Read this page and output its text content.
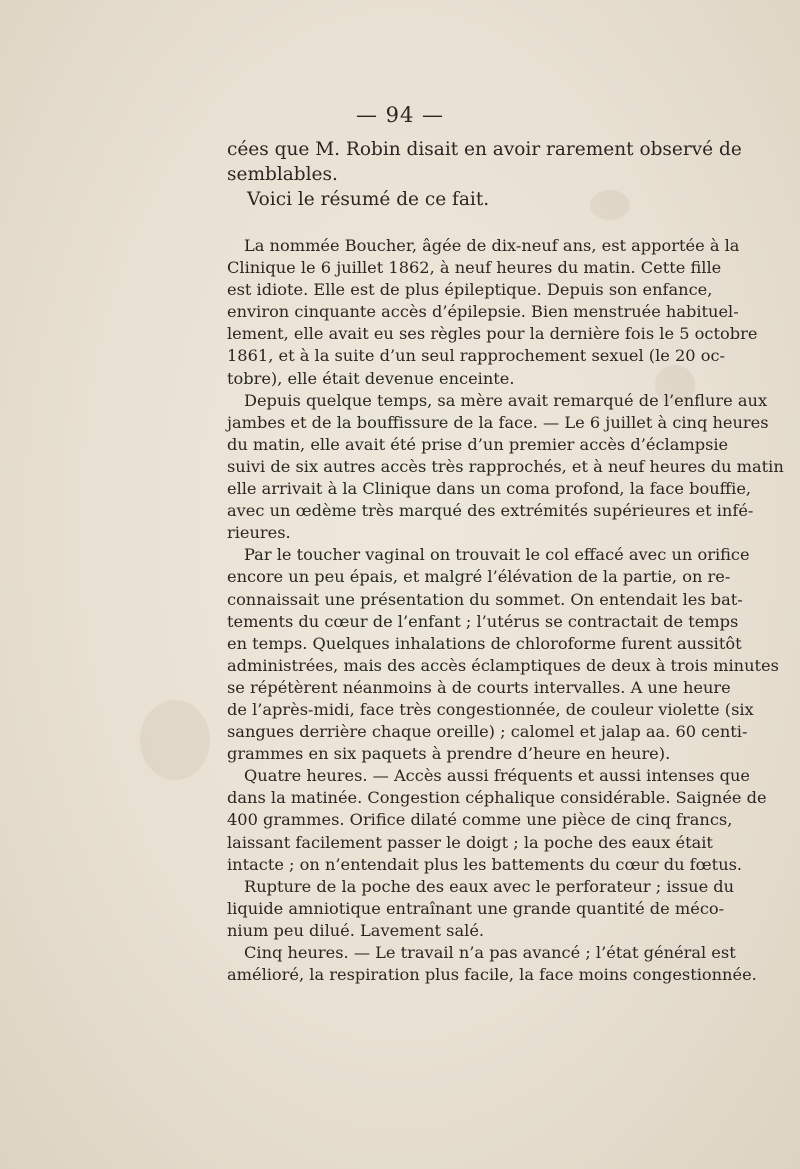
— 94 —
cées que M. Robin disait en avoir rarement observé de
semblables.
Voici le résumé de ce fait.
La nommée Boucher, âgée de dix-neuf ans, est apportée à la
Clinique le 6 juillet 1862, à neuf heures du matin. Cette fille
est idiote. Elle est de plus épileptique. Depuis son enfance,
environ cinquante accès d’épilepsie. Bien menstruée habituel-
lement, elle avait eu ses règles pour la dernière fois le 5 octobre
1861, et à la suite d’un seul rapprochement sexuel (le 20 oc-
tobre), elle était devenue enceinte.
Depuis quelque temps, sa mère avait remarqué de l’enflure aux
jambes et de la bouffissure de la face. — Le 6 juillet à cinq heures
du matin, elle avait été prise d’un premier accès d’éclampsie
suivi de six autres accès très rapprochés, et à neuf heures du matin
elle arrivait à la Clinique dans un coma profond, la face bouffie,
avec un œdème très marqué des extrémités supérieures et infé-
rieures.
Par le toucher vaginal on trouvait le col effacé avec un orifice
encore un peu épais, et malgré l’élévation de la partie, on re-
connaissait une présentation du sommet. On entendait les bat-
tements du cœur de l’enfant ; l’utérus se contractait de temps
en temps. Quelques inhalations de chloroforme furent aussitôt
administrées, mais des accès éclamptiques de deux à trois minutes
se répétèrent néanmoins à de courts intervalles. A une heure
de l’après-midi, face très congestionnée, de couleur violette (six
sangues derrière chaque oreille) ; calomel et jalap aa. 60 centi-
grammes en six paquets à prendre d’heure en heure).
Quatre heures. — Accès aussi fréquents et aussi intenses que
dans la matinée. Congestion céphalique considérable. Saignée de
400 grammes. Orifice dilaté comme une pièce de cinq francs,
laissant facilement passer le doigt ; la poche des eaux était
intacte ; on n’entendait plus les battements du cœur du fœtus.
Rupture de la poche des eaux avec le perforateur ; issue du
liquide amniotique entraînant une grande quantité de méco-
nium peu dilué. Lavement salé.
Cinq heures. — Le travail n’a pas avancé ; l’état général est
amélioré, la respiration plus facile, la face moins congestionnée.
